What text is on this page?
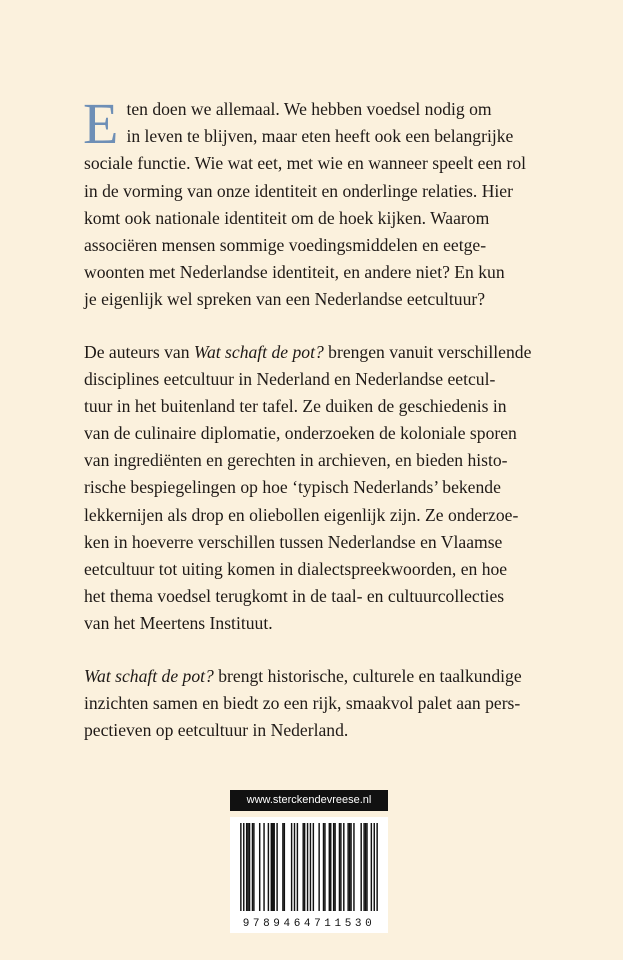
E ten doen we allemaal. We hebben voedsel nodig om
in leven te blijven, maar eten heeft ook een belangrijke
sociale functie. Wie wat eet, met wie en wanneer speelt een rol
in de vorming van onze identiteit en onderlinge relaties. Hier
komt ook nationale identiteit om de hoek kijken. Waarom
associëren mensen sommige voedingsmiddelen en eetge-
woonten met Nederlandse identiteit, en andere niet? En kun
je eigenlijk wel spreken van een Nederlandse eetcultuur?
De auteurs van Wat schaft de pot? brengen vanuit verschillende
disciplines eetcultuur in Nederland en Nederlandse eetcul-
tuur in het buitenland ter tafel. Ze duiken de geschiedenis in
van de culinaire diplomatie, onderzoeken de koloniale sporen
van ingrediënten en gerechten in archieven, en bieden histo-
rische bespiegelingen op hoe ‘typisch Nederlands’ bekende
lekkernijen als drop en oliebollen eigenlijk zijn. Ze onderzoe-
ken in hoeverre verschillen tussen Nederlandse en Vlaamse
eetcultuur tot uiting komen in dialectspreekwoorden, en hoe
het thema voedsel terugkomt in de taal- en cultuurcollecties
van het Meertens Instituut.
Wat schaft de pot? brengt historische, culturele en taalkundige
inzichten samen en biedt zo een rijk, smaakvol palet aan pers-
pectieven op eetcultuur in Nederland.
www.sterckendevreese.nl
9789464711530
